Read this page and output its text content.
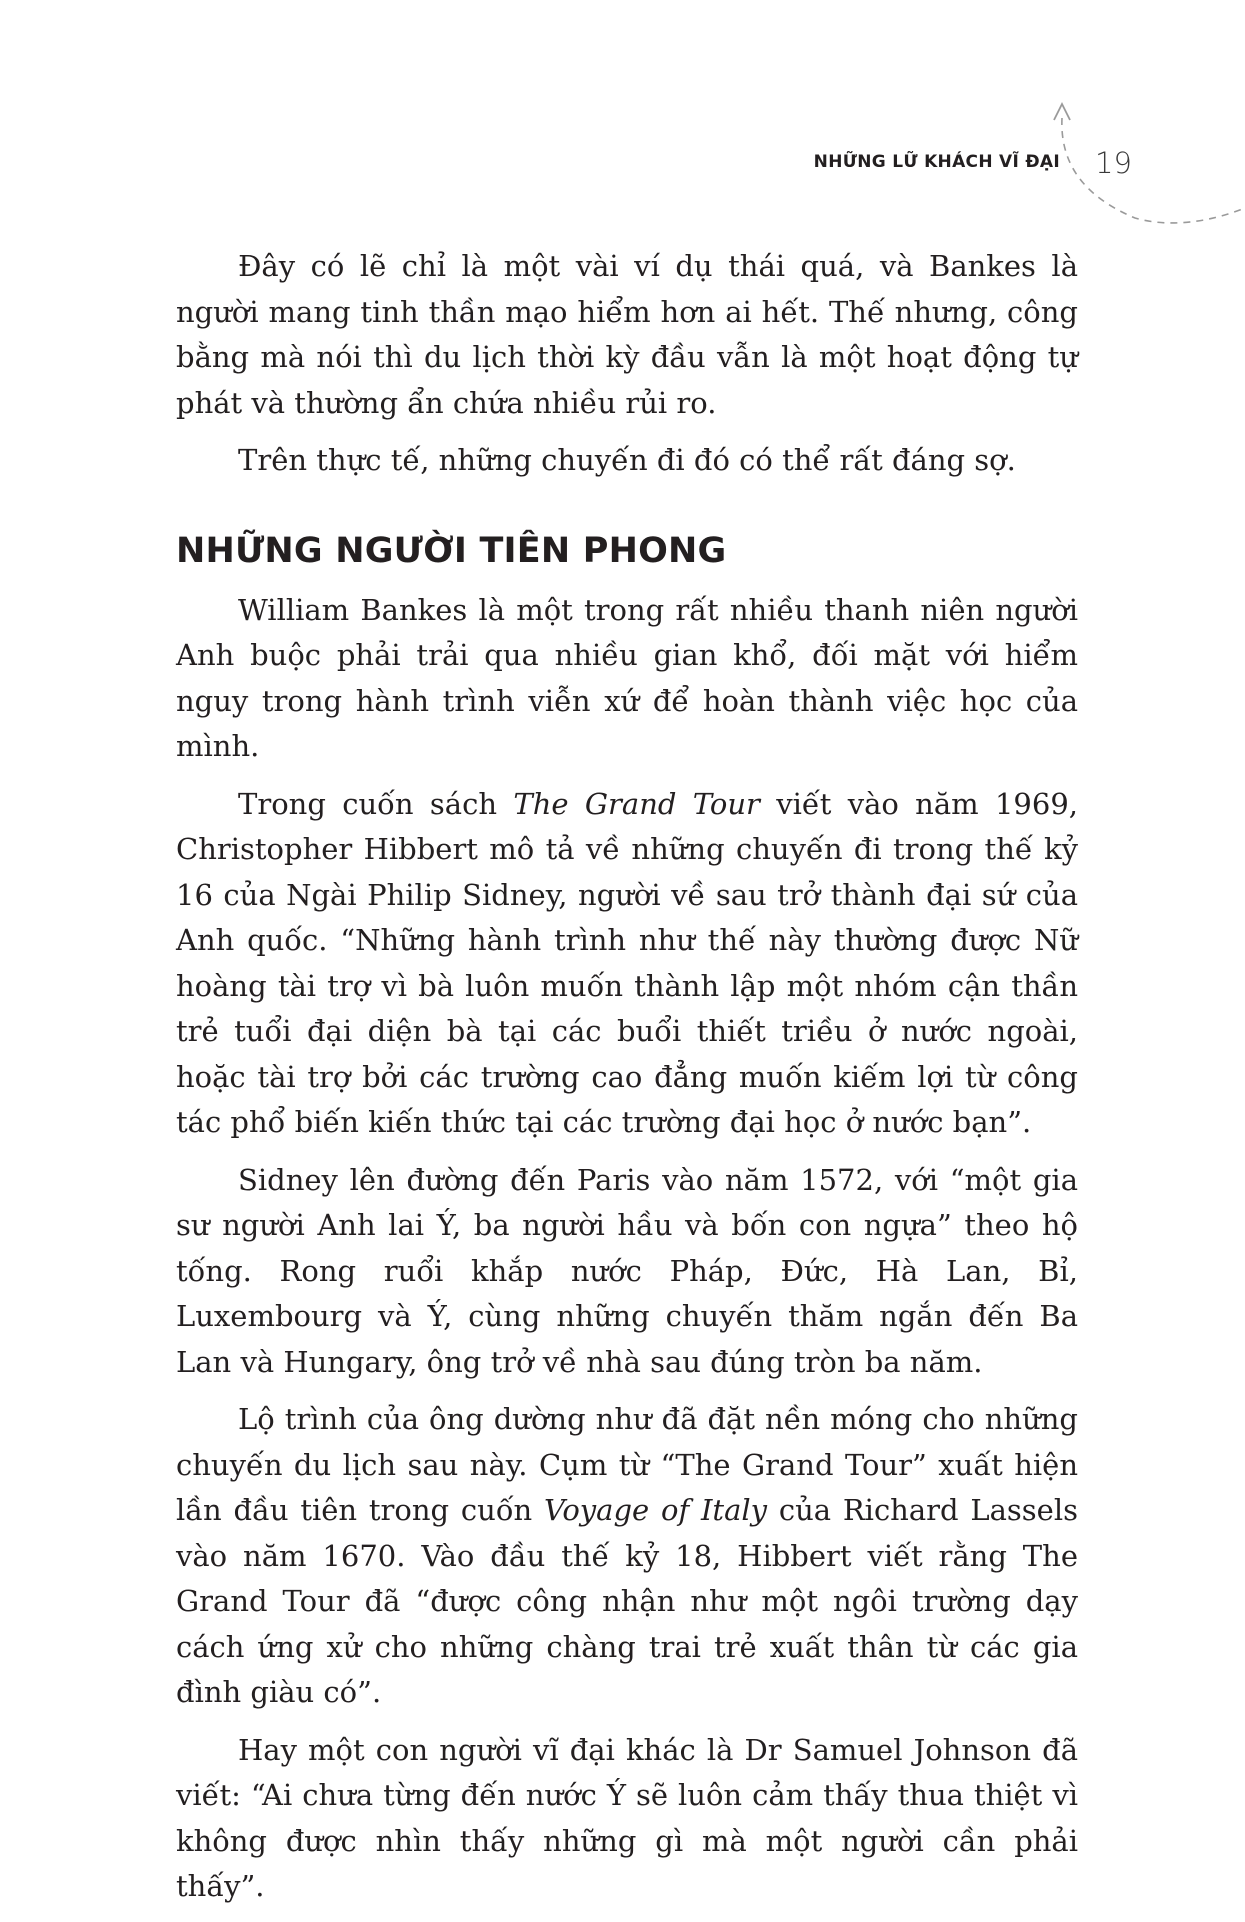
NHỮNG LỮ KHÁCH VĨ ĐẠI 19

Đây có lẽ chỉ là một vài ví dụ thái quá, và Bankes là người mang tinh thần mạo hiểm hơn ai hết. Thế nhưng, công bằng mà nói thì du lịch thời kỳ đầu vẫn là một hoạt động tự phát và thường ẩn chứa nhiều rủi ro.

Trên thực tế, những chuyến đi đó có thể rất đáng sợ.

NHỮNG NGƯỜI TIÊN PHONG

William Bankes là một trong rất nhiều thanh niên người Anh buộc phải trải qua nhiều gian khổ, đối mặt với hiểm nguy trong hành trình viễn xứ để hoàn thành việc học của mình.

Trong cuốn sách The Grand Tour viết vào năm 1969, Christopher Hibbert mô tả về những chuyến đi trong thế kỷ 16 của Ngài Philip Sidney, người về sau trở thành đại sứ của Anh quốc. “Những hành trình như thế này thường được Nữ hoàng tài trợ vì bà luôn muốn thành lập một nhóm cận thần trẻ tuổi đại diện bà tại các buổi thiết triều ở nước ngoài, hoặc tài trợ bởi các trường cao đẳng muốn kiếm lợi từ công tác phổ biến kiến thức tại các trường đại học ở nước bạn”.

Sidney lên đường đến Paris vào năm 1572, với “một gia sư người Anh lai Ý, ba người hầu và bốn con ngựa” theo hộ tống. Rong ruổi khắp nước Pháp, Đức, Hà Lan, Bỉ, Luxembourg và Ý, cùng những chuyến thăm ngắn đến Ba Lan và Hungary, ông trở về nhà sau đúng tròn ba năm.

Lộ trình của ông dường như đã đặt nền móng cho những chuyến du lịch sau này. Cụm từ “The Grand Tour” xuất hiện lần đầu tiên trong cuốn Voyage of Italy của Richard Lassels vào năm 1670. Vào đầu thế kỷ 18, Hibbert viết rằng The Grand Tour đã “được công nhận như một ngôi trường dạy cách ứng xử cho những chàng trai trẻ xuất thân từ các gia đình giàu có”.

Hay một con người vĩ đại khác là Dr Samuel Johnson đã viết: “Ai chưa từng đến nước Ý sẽ luôn cảm thấy thua thiệt vì không được nhìn thấy những gì mà một người cần phải thấy”.
